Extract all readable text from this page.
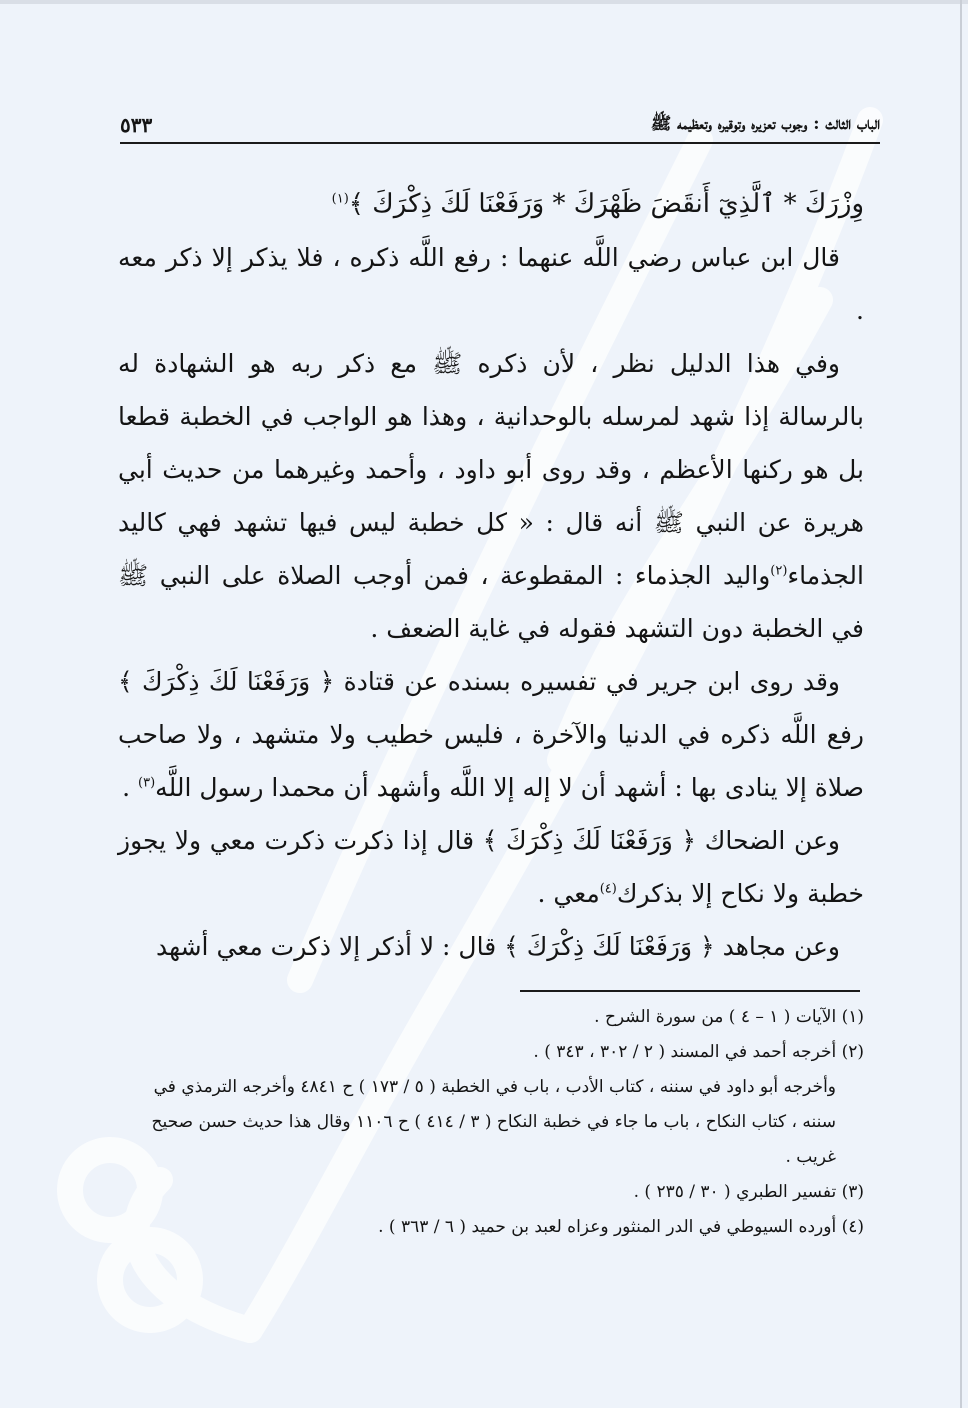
٥٣٣	الباب الثالث : وجوب تعزيره وتوقيره وتعظيمه ﷺ

وِزْرَكَ * ٱلَّذِيٓ أَنقَضَ ظَهْرَكَ * وَرَفَعْنَا لَكَ ذِكْرَكَ ﴾$^{(١)}$

قال ابن عباس رضي اللَّه عنهما : رفع اللَّه ذكره ، فلا يذكر إلا ذكر معه .

وفي هذا الدليل نظر ، لأن ذكره ﷺ مع ذكر ربه هو الشهادة له بالرسالة إذا شهد لمرسله بالوحدانية ، وهذا هو الواجب في الخطبة قطعا بل هو ركنها الأعظم ، وقد روى أبو داود ، وأحمد وغيرهما من حديث أبي هريرة عن النبي ﷺ أنه قال : « كل خطبة ليس فيها تشهد فهي كاليد الجذماء$^{(٢)}$واليد الجذماء : المقطوعة ، فمن أوجب الصلاة على النبي ﷺ في الخطبة دون التشهد فقوله في غاية الضعف .

وقد روى ابن جرير في تفسيره بسنده عن قتادة ﴿ وَرَفَعْنَا لَكَ ذِكْرَكَ ﴾ رفع اللَّه ذكره في الدنيا والآخرة ، فليس خطيب ولا متشهد ، ولا صاحب صلاة إلا ينادى بها : أشهد أن لا إله إلا اللَّه وأشهد أن محمدا رسول اللَّه$^{(٣)}$ .

وعن الضحاك ﴿ وَرَفَعْنَا لَكَ ذِكْرَكَ ﴾ قال إذا ذكرت ذكرت معي ولا يجوز خطبة ولا نكاح إلا بذكرك$^{(٤)}$معي .

وعن مجاهد ﴿ وَرَفَعْنَا لَكَ ذِكْرَكَ ﴾ قال : لا أذكر إلا ذكرت معي أشهد

(١) الآيات ( ١ – ٤ ) من سورة الشرح .

(٢) أخرجه أحمد في المسند ( ٢ / ٣٠٢ ، ٣٤٣ ) .

وأخرجه أبو داود في سننه ، كتاب الأدب ، باب في الخطبة ( ٥ / ١٧٣ ) ح ٤٨٤١ وأخرجه الترمذي في سننه ، كتاب النكاح ، باب ما جاء في خطبة النكاح ( ٣ / ٤١٤ ) ح ١١٠٦ وقال هذا حديث حسن صحيح غريب .

(٣) تفسير الطبري ( ٣٠ / ٢٣٥ ) .

(٤) أورده السيوطي في الدر المنثور وعزاه لعبد بن حميد ( ٦ / ٣٦٣ ) .
